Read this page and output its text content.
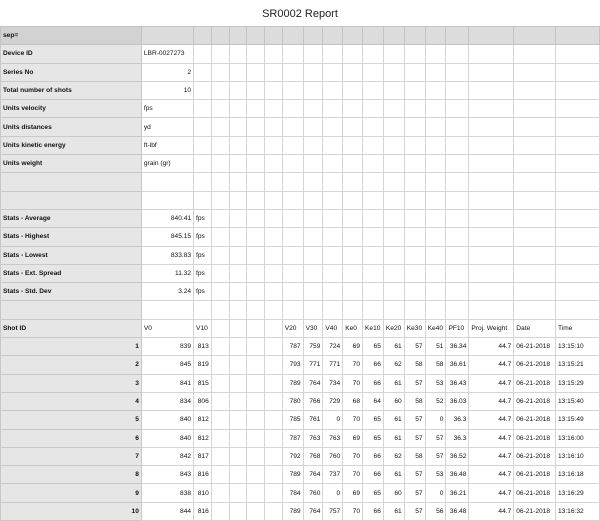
SR0002 Report
sep=																		
Device ID	LBR-0027273																	
Series No	2																	
Total number of shots	10																	
Units velocity	fps																	
Units distances	yd																	
Units kinetic energy	ft-lbf																	
Units weight	grain (gr)																	

Stats - Average	840.41	fps																
Stats - Highest	845.15	fps																
Stats - Lowest	833.83	fps																
Stats - Ext. Spread	11.32	fps																
Stats - Std. Dev	3.24	fps																

Shot ID	V0	V10					V20	V30	V40	Ke0	Ke10	Ke20	Ke30	Ke40	PF10	Proj. Weight	Date	Time
1	839	813					787	759	724	69	65	61	57	51	36.34	44.7	06-21-2018	13:15:10
2	845	819					793	771	771	70	66	62	58	58	36.61	44.7	06-21-2018	13:15:21
3	841	815					789	764	734	70	66	61	57	53	36.43	44.7	06-21-2018	13:15:29
4	834	806					780	766	729	68	64	60	58	52	36.03	44.7	06-21-2018	13:15:40
5	840	812					785	761	0	70	65	61	57	0	36.3	44.7	06-21-2018	13:15:49
6	840	812					787	763	763	69	65	61	57	57	36.3	44.7	06-21-2018	13:16:00
7	842	817					792	768	760	70	66	62	58	57	36.52	44.7	06-21-2018	13:16:10
8	843	816					789	764	737	70	66	61	57	53	36.48	44.7	06-21-2018	13:16:18
9	838	810					784	760	0	69	65	60	57	0	36.21	44.7	06-21-2018	13:16:29
10	844	816					789	764	757	70	66	61	57	56	36.48	44.7	06-21-2018	13:16:32
